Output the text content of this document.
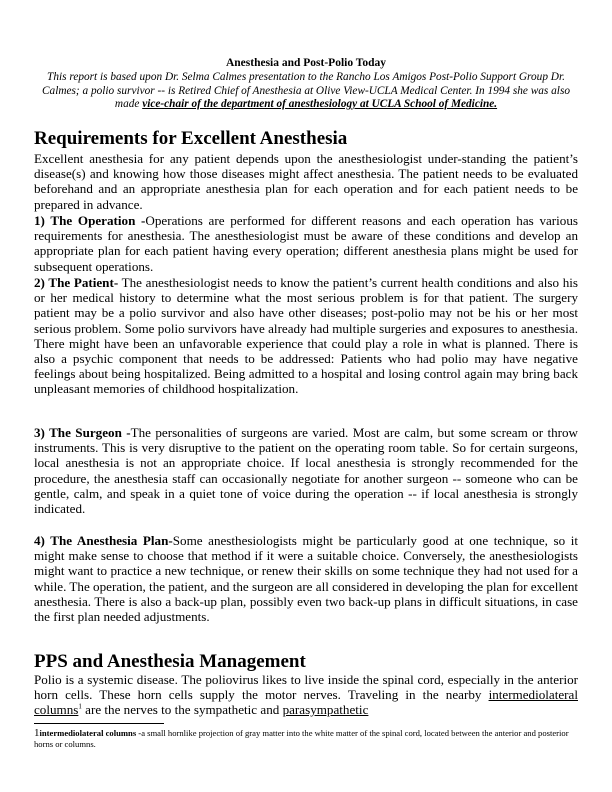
Anesthesia and Post-Polio Today
This report is based upon Dr. Selma Calmes presentation to the Rancho Los Amigos Post-Polio Support Group Dr. Calmes; a polio survivor -- is Retired Chief of Anesthesia at Olive View-UCLA Medical Center. In 1994 she was also made vice-chair of the department of anesthesiology at UCLA School of Medicine.
Requirements for Excellent Anesthesia

Excellent anesthesia for any patient depends upon the anesthesiologist under-standing the patient’s disease(s) and knowing how those diseases might affect anesthesia. The patient needs to be evaluated beforehand and an appropriate anesthesia plan for each operation and for each patient needs to be prepared in advance.

1) The Operation -Operations are performed for different reasons and each operation has various requirements for anesthesia. The anesthesiologist must be aware of these conditions and develop an appropriate plan for each patient having every operation; different anesthesia plans might be used for subsequent operations.

2) The Patient- The anesthesiologist needs to know the patient’s current health conditions and also his or her medical history to determine what the most serious problem is for that patient. The surgery patient may be a polio survivor and also have other diseases; post-polio may not be his or her most serious problem. Some polio survivors have already had multiple surgeries and exposures to anesthesia. There might have been an unfavorable experience that could play a role in what is planned. There is also a psychic component that needs to be addressed: Patients who had polio may have negative feelings about being hospitalized. Being admitted to a hospital and losing control again may bring back unpleasant memories of childhood hospitalization.

3) The Surgeon -The personalities of surgeons are varied. Most are calm, but some scream or throw instruments. This is very disruptive to the patient on the operating room table. So for certain surgeons, local anesthesia is not an appropriate choice. If local anesthesia is strongly recommended for the procedure, the anesthesia staff can occasionally negotiate for another surgeon -- someone who can be gentle, calm, and speak in a quiet tone of voice during the operation -- if local anesthesia is strongly indicated.

4) The Anesthesia Plan-Some anesthesiologists might be particularly good at one technique, so it might make sense to choose that method if it were a suitable choice. Conversely, the anesthesiologists might want to practice a new technique, or renew their skills on some technique they had not used for a while. The operation, the patient, and the surgeon are all considered in developing the plan for excellent anesthesia. There is also a back-up plan, possibly even two back-up plans in difficult situations, in case the first plan needed adjustments.

PPS and Anesthesia Management

Polio is a systemic disease. The poliovirus likes to live inside the spinal cord, especially in the anterior horn cells. These horn cells supply the motor nerves. Traveling in the nearby intermediolateral columns$^1$ are the nerves to the sympathetic and parasympathetic

1intermediolateral columns -a small hornlike projection of gray matter into the white matter of the spinal cord, located between the anterior and posterior horns or columns.
